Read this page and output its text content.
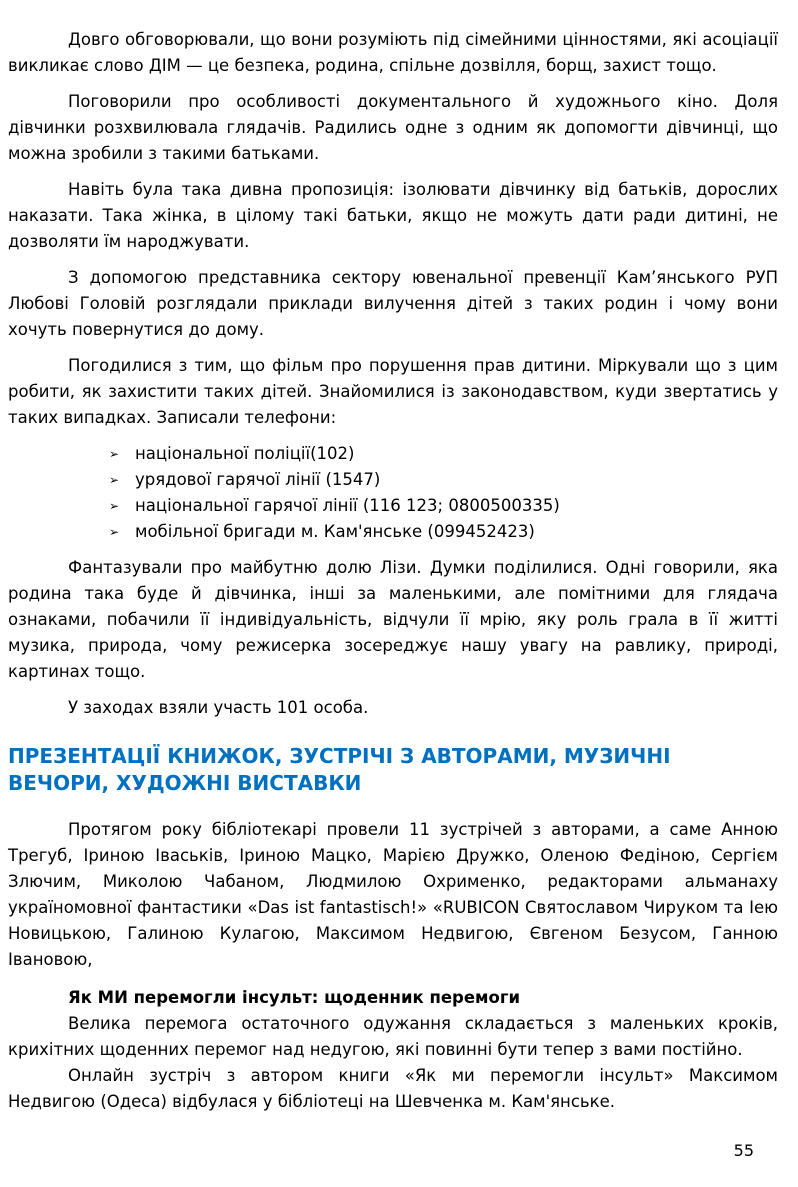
Довго обговорювали, що вони розуміють під сімейними цінностями, які асоціації викликає слово ДІМ — це безпека, родина, спільне дозвілля, борщ, захист тощо.

Поговорили про особливості документального й художнього кіно. Доля дівчинки розхвилювала глядачів. Радились одне з одним як допомогти дівчинці, що можна зробили з такими батьками.

Навіть була така дивна пропозиція: ізолювати дівчинку від батьків, дорослих наказати. Така жінка, в цілому такі батьки, якщо не можуть дати ради дитині, не дозволяти їм народжувати.

З допомогою представника сектору ювенальної превенції Кам’янського РУП Любові Головій розглядали приклади вилучення дітей з таких родин і чому вони хочуть повернутися до дому.

Погодилися з тим, що фільм про порушення прав дитини. Міркували що з цим робити, як захистити таких дітей. Знайомилися із законодавством, куди звертатись у таких випадках. Записали телефони:

➢ національної поліції(102)
➢ урядової гарячої лінії (1547)
➢ національної гарячої лінії (116 123; 0800500335)
➢ мобільної бригади м. Кам'янське (099452423)

Фантазували про майбутню долю Лізи. Думки поділилися. Одні говорили, яка родина така буде й дівчинка, інші за маленькими, але помітними для глядача ознаками, побачили її індивідуальність, відчули її мрію, яку роль грала в її житті музика, природа, чому режисерка зосереджує нашу увагу на равлику, природі, картинах тощо.

У заходах взяли участь 101 особа.

ПРЕЗЕНТАЦІЇ КНИЖОК, ЗУСТРІЧІ З АВТОРАМИ, МУЗИЧНІ ВЕЧОРИ, ХУДОЖНІ ВИСТАВКИ

Протягом року бібліотекарі провели 11 зустрічей з авторами, а саме Анною Трегуб, Іриною Іваськів, Іриною Мацко, Марією Дружко, Оленою Федіною, Сергієм Злючим, Миколою Чабаном, Людмилою Охрименко, редакторами альманаху україномовної фантастики «Das ist fantastisch!» «RUBICON Святославом Чируком та Іею Новицькою, Галиною Кулагою, Максимом Недвигою, Євгеном Безусом, Ганною Івановою,

Як МИ перемогли інсульт: щоденник перемоги

Велика перемога остаточного одужання складається з маленьких кроків, крихітних щоденних перемог над недугою, які повинні бути тепер з вами постійно.

Онлайн зустріч з автором книги «Як ми перемогли інсульт» Максимом Недвигою (Одеса) відбулася у бібліотеці на Шевченка м. Кам'янське.

55
